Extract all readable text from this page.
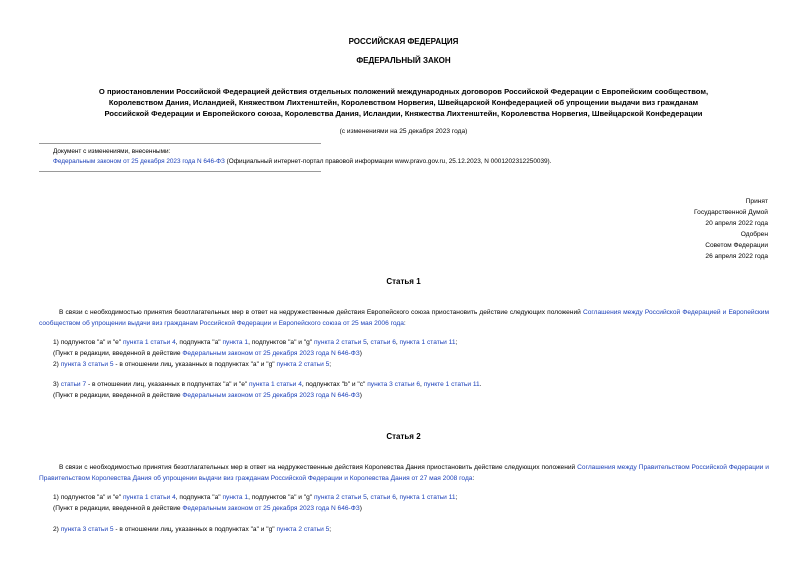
РОССИЙСКАЯ ФЕДЕРАЦИЯ
ФЕДЕРАЛЬНЫЙ ЗАКОН
О приостановлении Российской Федерацией действия отдельных положений международных договоров Российской Федерации с Европейским сообществом,
Королевством Дания, Исландией, Княжеством Лихтенштейн, Королевством Норвегия, Швейцарской Конфедерацией об упрощении выдачи виз гражданам
Российской Федерации и Европейского союза, Королевства Дания, Исландии, Княжества Лихтенштейн, Королевства Норвегия, Швейцарской Конфедерации
(с изменениями на 25 декабря 2023 года)
Документ с изменениями, внесенными:
Федеральным законом от 25 декабря 2023 года N 646-ФЗ (Официальный интернет-портал правовой информации www.pravo.gov.ru, 25.12.2023, N 0001202312250039).
Принят
Государственной Думой
20 апреля 2022 года
Одобрен
Советом Федерации
26 апреля 2022 года
Статья 1
В связи с необходимостью принятия безотлагательных мер в ответ на недружественные действия Европейского союза приостановить действие следующих положений Соглашения между Российской Федерацией и Европейским сообществом об упрощении выдачи виз гражданам Российской Федерации и Европейского союза от 25 мая 2006 года:
1) подпунктов "а" и "е" пункта 1 статьи 4, подпункта "а" пункта 1, подпунктов "а" и "g" пункта 2 статьи 5, статьи 6, пункта 1 статьи 11;
(Пункт в редакции, введенной в действие Федеральным законом от 25 декабря 2023 года N 646-ФЗ)
2) пункта 3 статьи 5 - в отношении лиц, указанных в подпунктах "а" и "g" пункта 2 статьи 5;
3) статьи 7 - в отношении лиц, указанных в подпунктах "а" и "е" пункта 1 статьи 4, подпунктах "b" и "c" пункта 3 статьи 6, пункте 1 статьи 11.
(Пункт в редакции, введенной в действие Федеральным законом от 25 декабря 2023 года N 646-ФЗ)
Статья 2
В связи с необходимостью принятия безотлагательных мер в ответ на недружественные действия Королевства Дания приостановить действие следующих положений Соглашения между Правительством Российской Федерации и Правительством Королевства Дания об упрощении выдачи виз гражданам Российской Федерации и Королевства Дания от 27 мая 2008 года:
1) подпунктов "а" и "е" пункта 1 статьи 4, подпункта "а" пункта 1, подпунктов "а" и "g" пункта 2 статьи 5, статьи 6, пункта 1 статьи 11;
(Пункт в редакции, введенной в действие Федеральным законом от 25 декабря 2023 года N 646-ФЗ)
2) пункта 3 статьи 5 - в отношении лиц, указанных в подпунктах "а" и "g" пункта 2 статьи 5;
